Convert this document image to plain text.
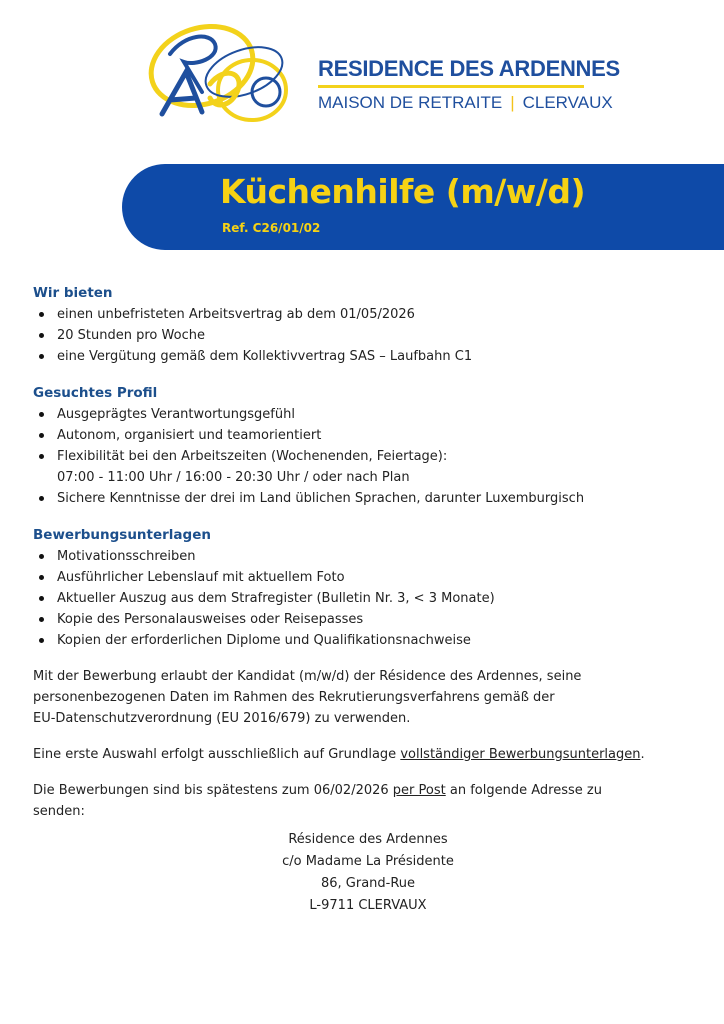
RESIDENCE DES ARDENNES
MAISON DE RETRAITE | CLERVAUX
Küchenhilfe (m/w/d)
Ref. C26/01/02
Wir bieten
einen unbefristeten Arbeitsvertrag ab dem 01/05/2026
20 Stunden pro Woche
eine Vergütung gemäß dem Kollektivvertrag SAS – Laufbahn C1
Gesuchtes Profil
Ausgeprägtes Verantwortungsgefühl
Autonom, organisiert und teamorientiert
Flexibilität bei den Arbeitszeiten (Wochenenden, Feiertage):
07:00 - 11:00 Uhr / 16:00 - 20:30 Uhr / oder nach Plan
Sichere Kenntnisse der drei im Land üblichen Sprachen, darunter Luxemburgisch
Bewerbungsunterlagen
Motivationsschreiben
Ausführlicher Lebenslauf mit aktuellem Foto
Aktueller Auszug aus dem Strafregister (Bulletin Nr. 3, < 3 Monate)
Kopie des Personalausweises oder Reisepasses
Kopien der erforderlichen Diplome und Qualifikationsnachweise

Mit der Bewerbung erlaubt der Kandidat (m/w/d) der Résidence des Ardennes, seine

personenbezogenen Daten im Rahmen des Rekrutierungsverfahrens gemäß der

EU-Datenschutzverordnung (EU 2016/679) zu verwenden.

Eine erste Auswahl erfolgt ausschließlich auf Grundlage vollständiger Bewerbungsunterlagen.

Die Bewerbungen sind bis spätestens zum 06/02/2026 per Post an folgende Adresse zu

senden:

Résidence des Ardennes
c/o Madame La Présidente
86, Grand-Rue
L-9711 CLERVAUX
